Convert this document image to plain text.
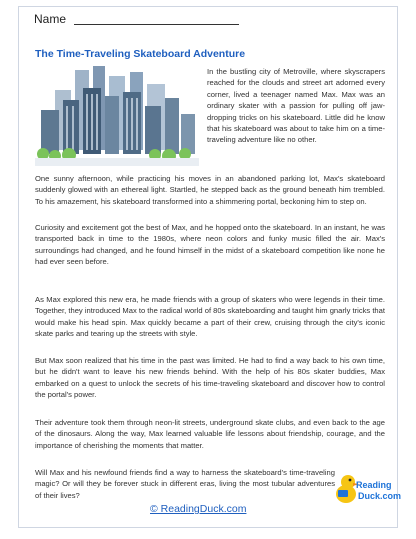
Name
The Time-Traveling Skateboard Adventure

In the bustling city of Metroville, where skyscrapers reached for the clouds and street art adorned every corner, lived a teenager named Max. Max was an ordinary skater with a passion for pulling off jaw-dropping tricks on his skateboard. Little did he know that his skateboard was about to take him on a time-traveling adventure like no other.

One sunny afternoon, while practicing his moves in an abandoned parking lot, Max's skateboard suddenly glowed with an ethereal light. Startled, he stepped back as the ground beneath him trembled. To his amazement, his skateboard transformed into a shimmering portal, beckoning him to step on.

Curiosity and excitement got the best of Max, and he hopped onto the skateboard. In an instant, he was transported back in time to the 1980s, where neon colors and funky music filled the air. Max's surroundings had changed, and he found himself in the midst of a skateboard competition like none he had ever seen before.

As Max explored this new era, he made friends with a group of skaters who were legends in their time. Together, they introduced Max to the radical world of 80s skateboarding and taught him gnarly tricks that would make his head spin. Max quickly became a part of their crew, cruising through the city's iconic skate parks and tearing up the streets with style.

But Max soon realized that his time in the past was limited. He had to find a way back to his own time, but he didn't want to leave his new friends behind. With the help of his 80s skater buddies, Max embarked on a quest to unlock the secrets of his time-traveling skateboard and discover how to control the portal's power.

Their adventure took them through neon-lit streets, underground skate clubs, and even back to the age of the dinosaurs. Along the way, Max learned valuable life lessons about friendship, courage, and the importance of cherishing the moments that matter.

Will Max and his newfound friends find a way to harness the skateboard's time-traveling magic? Or will they be forever stuck in different eras, living the most tubular adventures of their lives?

© ReadingDuck.com
Reading
Duck.com
